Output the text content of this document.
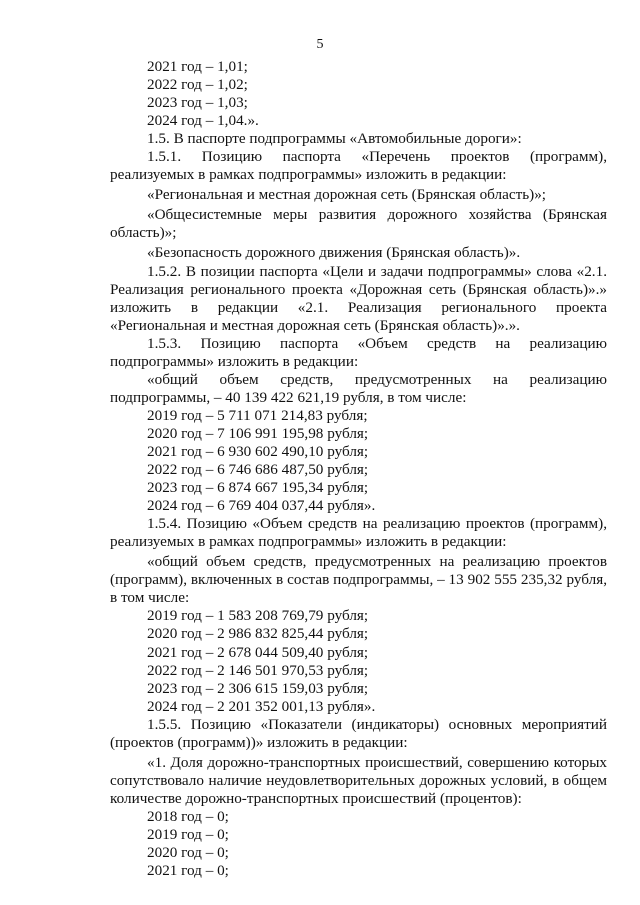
5
2021 год – 1,01;
2022 год – 1,02;
2023 год – 1,03;
2024 год – 1,04.».
1.5. В паспорте подпрограммы «Автомобильные дороги»:

1.5.1. Позицию паспорта «Перечень проектов (программ), реализуемых в рамках подпрограммы» изложить в редакции:

«Региональная и местная дорожная сеть (Брянская область)»;

«Общесистемные меры развития дорожного хозяйства (Брянская область)»;

«Безопасность дорожного движения (Брянская область)».

1.5.2. В позиции паспорта «Цели и задачи подпрограммы» слова «2.1. Реализация регионального проекта «Дорожная сеть (Брянская область)».» изложить в редакции «2.1. Реализация регионального проекта «Региональная и местная дорожная сеть (Брянская область)».».

1.5.3. Позицию паспорта «Объем средств на реализацию подпрограммы» изложить в редакции:

«общий объем средств, предусмотренных на реализацию
подпрограммы, – 40 139 422 621,19 рубля, в том числе:
2019 год – 5 711 071 214,83 рубля;
2020 год – 7 106 991 195,98 рубля;
2021 год – 6 930 602 490,10 рубля;
2022 год – 6 746 686 487,50 рубля;
2023 год – 6 874 667 195,34 рубля;
2024 год – 6 769 404 037,44 рубля».

1.5.4. Позицию «Объем средств на реализацию проектов (программ), реализуемых в рамках подпрограммы» изложить в редакции:

«общий объем средств, предусмотренных на реализацию проектов (программ), включенных в состав подпрограммы, – 13 902 555 235,32 рубля, в том числе:

2019 год – 1 583 208 769,79 рубля;
2020 год – 2 986 832 825,44 рубля;
2021 год – 2 678 044 509,40 рубля;
2022 год – 2 146 501 970,53 рубля;
2023 год – 2 306 615 159,03 рубля;
2024 год – 2 201 352 001,13 рубля».

1.5.5. Позицию «Показатели (индикаторы) основных мероприятий (проектов (программ))» изложить в редакции:

«1. Доля дорожно-транспортных происшествий, совершению которых сопутствовало наличие неудовлетворительных дорожных условий, в общем количестве дорожно-транспортных происшествий (процентов):

2018 год – 0;
2019 год – 0;
2020 год – 0;
2021 год – 0;
